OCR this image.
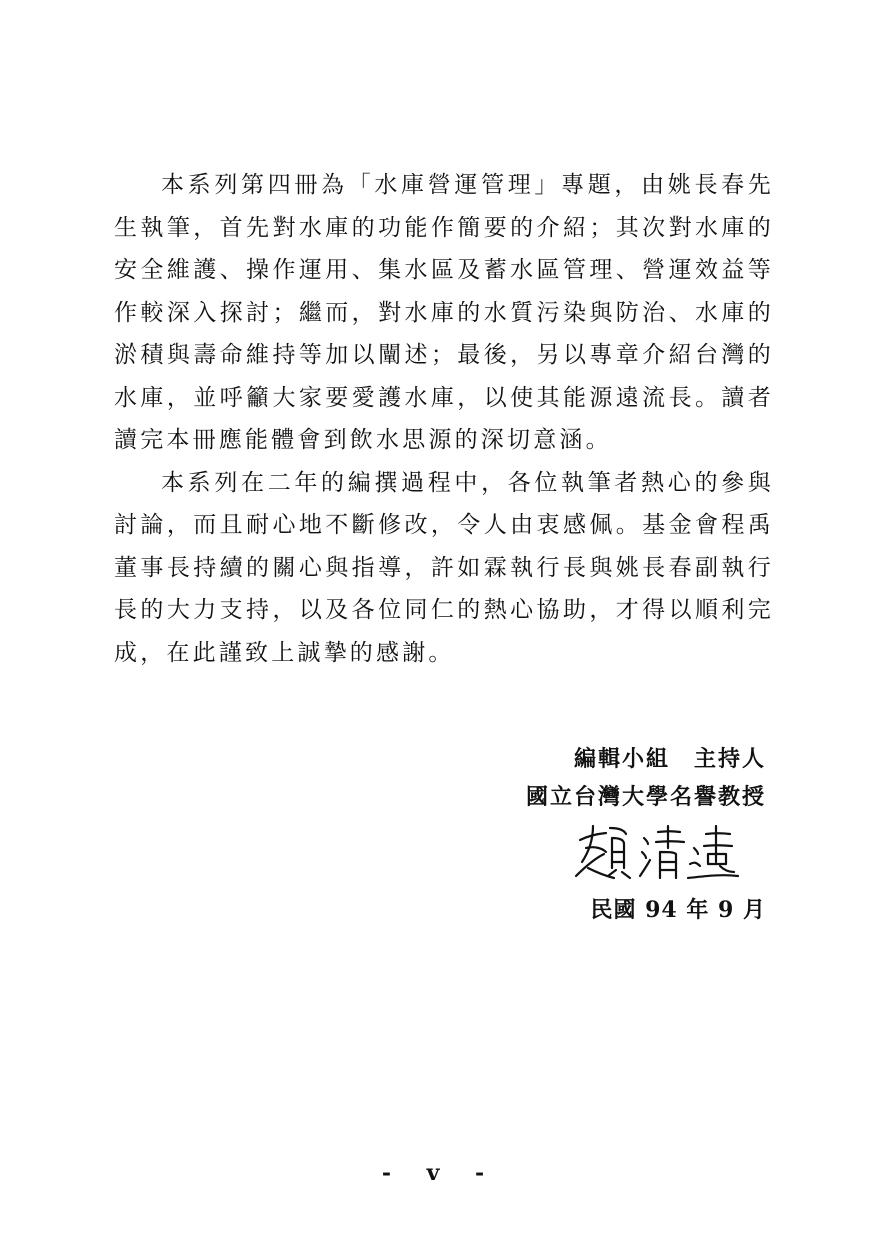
本系列第四冊為「水庫營運管理」專題，由姚長春先生執筆，首先對水庫的功能作簡要的介紹；其次對水庫的安全維護、操作運用、集水區及蓄水區管理、營運效益等作較深入探討；繼而，對水庫的水質污染與防治、水庫的淤積與壽命維持等加以闡述；最後，另以專章介紹台灣的水庫，並呼籲大家要愛護水庫，以使其能源遠流長。讀者讀完本冊應能體會到飲水思源的深切意涵。

本系列在二年的編撰過程中，各位執筆者熱心的參與討論，而且耐心地不斷修改，令人由衷感佩。基金會程禹董事長持續的關心與指導，許如霖執行長與姚長春副執行長的大力支持，以及各位同仁的熱心協助，才得以順利完成，在此謹致上誠摯的感謝。

編輯小組　主持人
國立台灣大學名譽教授
民國 94 年 9 月
- v -
